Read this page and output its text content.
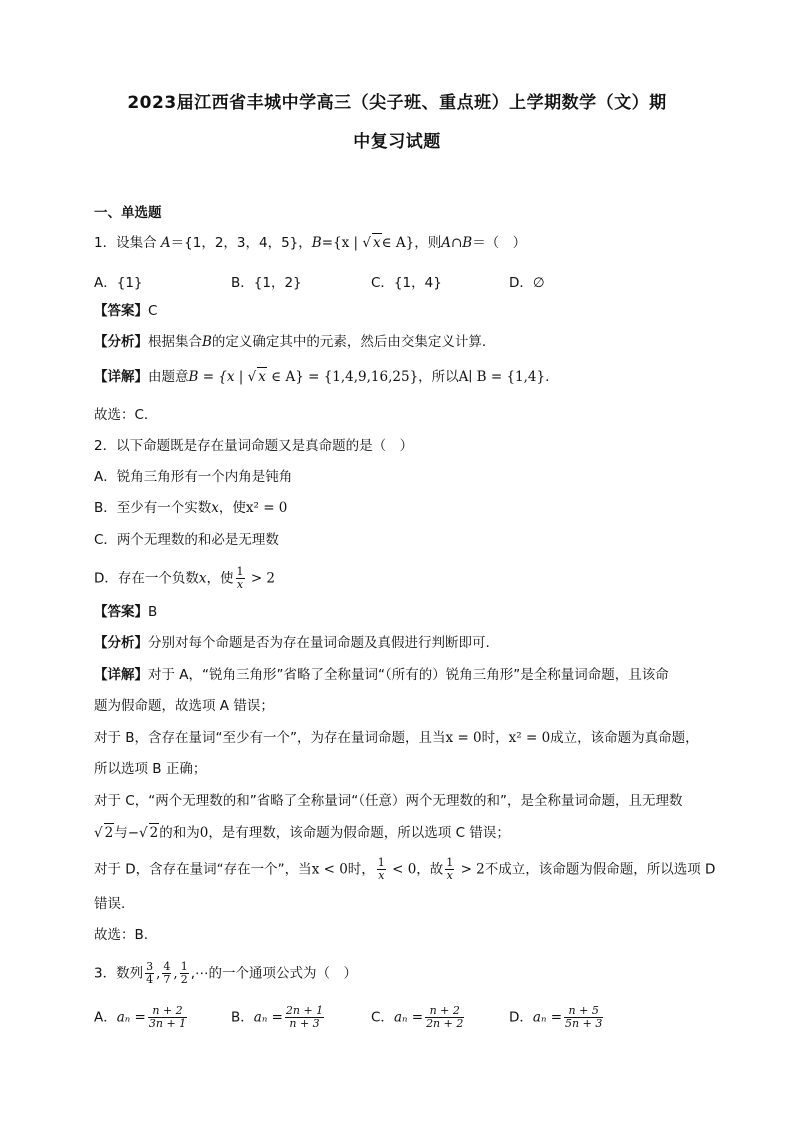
2023届江西省丰城中学高三（尖子班、重点班）上学期数学（文）期
中复习试题
一、单选题
1．设集合 A＝{1，2，3，4，5}，B={x | √ x∈ A}，则A∩B＝（　）
A．{1}	B．{1，2}	C．{1，4}	D．∅
【答案】C
【分析】根据集合B的定义确定其中的元素，然后由交集定义计算．
【详解】由题意B = {x | √ x ∈ A} = {1,4,9,16,25}，所以A∣ B = {1,4}.
故选：C．
2．以下命题既是存在量词命题又是真命题的是（　）
A．锐角三角形有一个内角是钝角
B．至少有一个实数x，使x² = 0
C．两个无理数的和必是无理数
D．存在一个负数x，使 $\frac{1}{x} > 2$
【答案】B
【分析】分别对每个命题是否为存在量词命题及真假进行判断即可.
【详解】对于 A，“锐角三角形”省略了全称量词“（所有的）锐角三角形”是全称量词命题，且该命
题为假命题，故选项 A 错误；
对于 B，含存在量词“至少有一个”，为存在量词命题，且当x = 0时，x² = 0成立，该命题为真命题，
所以选项 B 正确；
对于 C，“两个无理数的和”省略了全称量词“（任意）两个无理数的和”，是全称量词命题，且无理数
√ 2与−√ 2的和为0，是有理数，该命题为假命题，所以选项 C 错误；
对于 D，含存在量词“存在一个”，当x < 0时， $\frac{1}{x} < 0$，故 $\frac{1}{x} > 2$不成立，该命题为假命题，所以选项 D
错误.
故选：B.
3．数列 $\frac{3}{4}$ , $\frac{4}{7}$ , $\frac{1}{2}$ ,⋯的一个通项公式为（　）
A．$a_n = \frac{n + 2}{3n + 1}$	B．$a_n = \frac{2n + 1}{n + 3}$	C．$a_n = \frac{n + 2}{2n + 2}$	D．$a_n = \frac{n + 5}{5n + 3}$
